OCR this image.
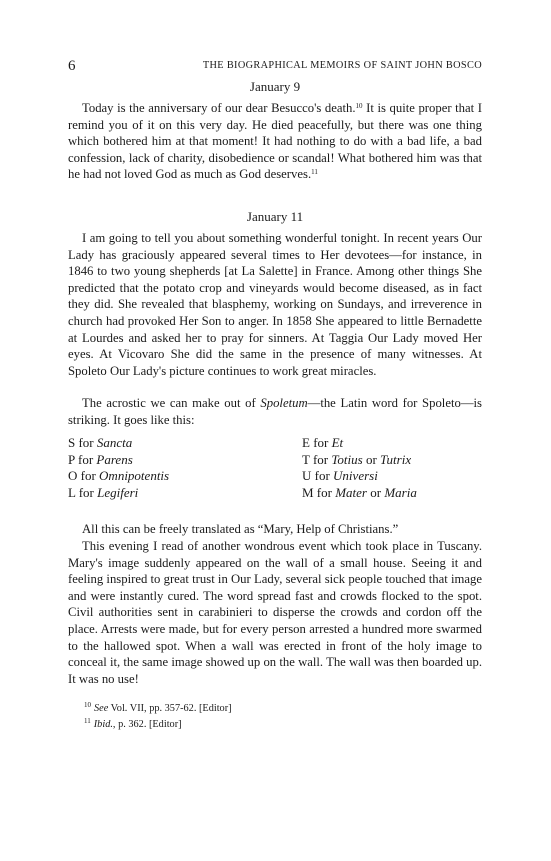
6	THE BIOGRAPHICAL MEMOIRS OF SAINT JOHN BOSCO
January 9

Today is the anniversary of our dear Besucco's death.$^{10}$ It is quite proper that I remind you of it on this very day. He died peacefully, but there was one thing which bothered him at that moment! It had nothing to do with a bad life, a bad confession, lack of charity, disobedience or scandal! What bothered him was that he had not loved God as much as God deserves.$^{11}$

January 11

I am going to tell you about something wonderful tonight. In recent years Our Lady has graciously appeared several times to Her devotees—for instance, in 1846 to two young shepherds [at La Salette] in France. Among other things She predicted that the potato crop and vineyards would become diseased, as in fact they did. She revealed that blasphemy, working on Sundays, and irreverence in church had provoked Her Son to anger. In 1858 She appeared to little Bernadette at Lourdes and asked her to pray for sinners. At Taggia Our Lady moved Her eyes. At Vicovaro She did the same in the presence of many witnesses. At Spoleto Our Lady's picture continues to work great miracles.

The acrostic we can make out of Spoletum—the Latin word for Spoleto—is striking. It goes like this:

S for Sancta
P for Parens
O for Omnipotentis
L for Legiferi
E for Et
T for Totius or Tutrix
U for Universi
M for Mater or Maria

All this can be freely translated as “Mary, Help of Christians.”

This evening I read of another wondrous event which took place in Tuscany. Mary's image suddenly appeared on the wall of a small house. Seeing it and feeling inspired to great trust in Our Lady, several sick people touched that image and were instantly cured. The word spread fast and crowds flocked to the spot. Civil authorities sent in carabinieri to disperse the crowds and cordon off the place. Arrests were made, but for every person arrested a hundred more swarmed to the hallowed spot. When a wall was erected in front of the holy image to conceal it, the same image showed up on the wall. The wall was then boarded up. It was no use!

$^{10}$ See Vol. VII, pp. 357-62. [Editor]
$^{11}$ Ibid., p. 362. [Editor]
